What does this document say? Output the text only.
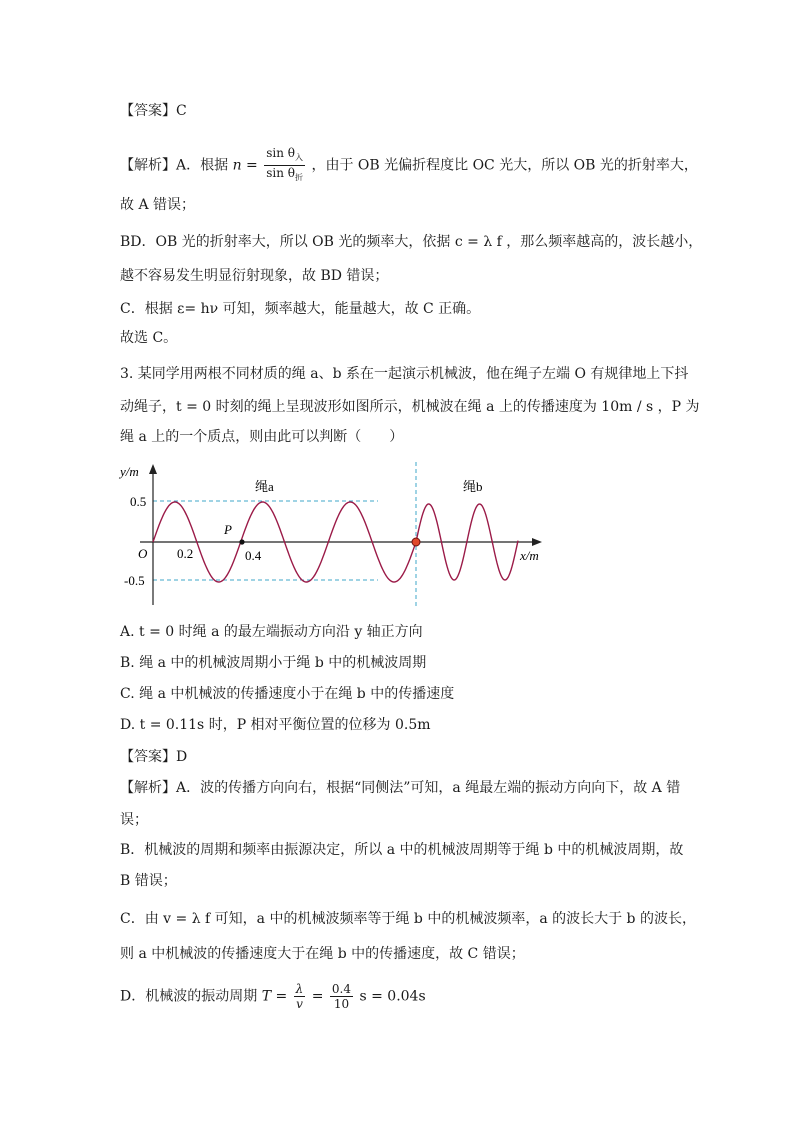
【答案】C
【解析】A．根据 $n = \frac{\sin \theta_入}{\sin \theta_折}$ ，由于 OB 光偏折程度比 OC 光大，所以 OB 光的折射率大，
故 A 错误；
BD．OB 光的折射率大，所以 OB 光的频率大，依据 c = λ f ，那么频率越高的，波长越小，
越不容易发生明显衍射现象，故 BD 错误；
C．根据 ε= hν 可知，频率越大，能量越大，故 C 正确。
故选 C。
3. 某同学用两根不同材质的绳 a、b 系在一起演示机械波，他在绳子左端 O 有规律地上下抖
动绳子，t = 0 时刻的绳上呈现波形如图所示，机械波在绳 a 上的传播速度为 10m / s ，P 为
绳 a 上的一个质点，则由此可以判断（　　）
y/m
x/m
O
0.5
-0.5
0.2	0.4
P
绳a	绳b
A. t = 0 时绳 a 的最左端振动方向沿 y 轴正方向
B. 绳 a 中的机械波周期小于绳 b 中的机械波周期
C. 绳 a 中机械波的传播速度小于在绳 b 中的传播速度
D. t = 0.11s 时，P 相对平衡位置的位移为 0.5m
【答案】D
【解析】A．波的传播方向向右，根据“同侧法”可知，a 绳最左端的振动方向向下，故 A 错
误；
B．机械波的周期和频率由振源决定，所以 a 中的机械波周期等于绳 b 中的机械波周期，故
B 错误；
C．由 v = λ f 可知，a 中的机械波频率等于绳 b 中的机械波频率，a 的波长大于 b 的波长，
则 a 中机械波的传播速度大于在绳 b 中的传播速度，故 C 错误；
D．机械波的振动周期 $T = \frac{\lambda}{v} = \frac{0.4}{10}$ s = 0.04s
